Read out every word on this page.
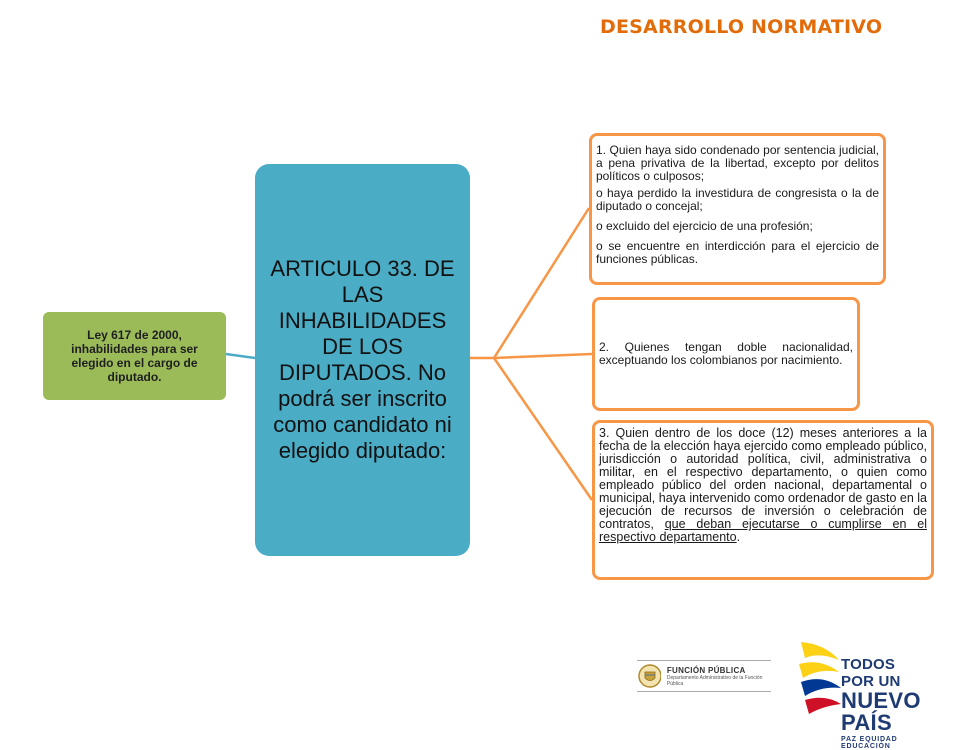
DESARROLLO NORMATIVO
Ley 617 de 2000, inhabilidades para ser elegido en el cargo de diputado.
ARTICULO 33. DE LAS INHABILIDADES DE LOS DIPUTADOS. No podrá ser inscrito como candidato ni elegido diputado:

1. Quien haya sido condenado por sentencia judicial, a pena privativa de la libertad, excepto por delitos políticos o culposos;

o haya perdido la investidura de congresista o la de diputado o concejal;

o excluido del ejercicio de una profesión;

o se encuentre en interdicción para el ejercicio de funciones públicas.

2. Quienes tengan doble nacionalidad, exceptuando los colombianos por nacimiento.

3. Quien dentro de los doce (12) meses anteriores a la fecha de la elección haya ejercido como empleado público, jurisdicción o autoridad política, civil, administrativa o militar, en el respectivo departamento, o quien como empleado público del orden nacional, departamental o municipal, haya intervenido como ordenador de gasto en la ejecución de recursos de inversión o celebración de contratos, que deban ejecutarse o cumplirse en el respectivo departamento.

FUNCIÓN PÚBLICA
Departamento Administrativo de la Función Pública
TODOS POR UN
NUEVO PAÍS
PAZ EQUIDAD EDUCACIÓN
